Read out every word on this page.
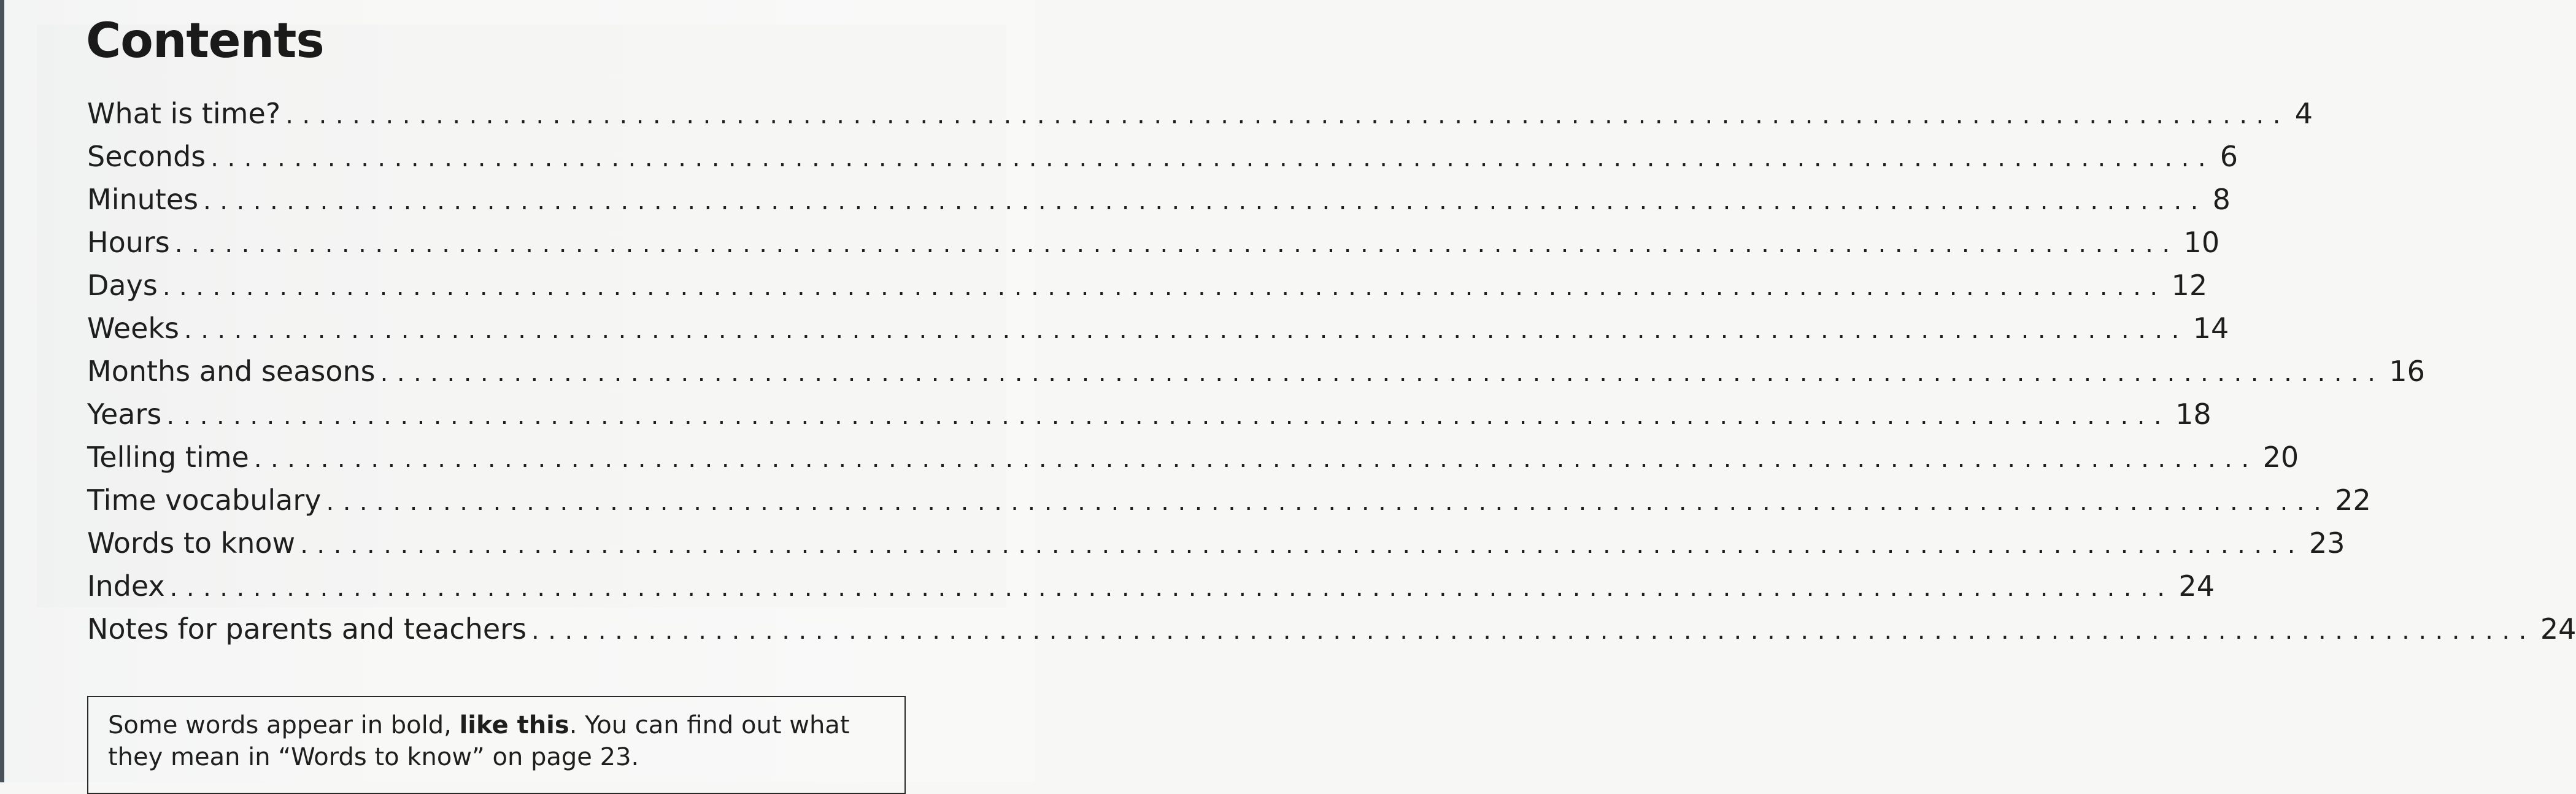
Contents
What is time? ........................................................................................................................ 4
Seconds ........................................................................................................................ 6
Minutes ........................................................................................................................ 8
Hours ........................................................................................................................ 10
Days ........................................................................................................................ 12
Weeks ........................................................................................................................ 14
Months and seasons ........................................................................................................................ 16
Years ........................................................................................................................ 18
Telling time ........................................................................................................................ 20
Time vocabulary ........................................................................................................................ 22
Words to know ........................................................................................................................ 23
Index ........................................................................................................................ 24
Notes for parents and teachers ........................................................................................................................ 24

Some words appear in bold, like this. You can find out what they mean in “Words to know” on page 23.
